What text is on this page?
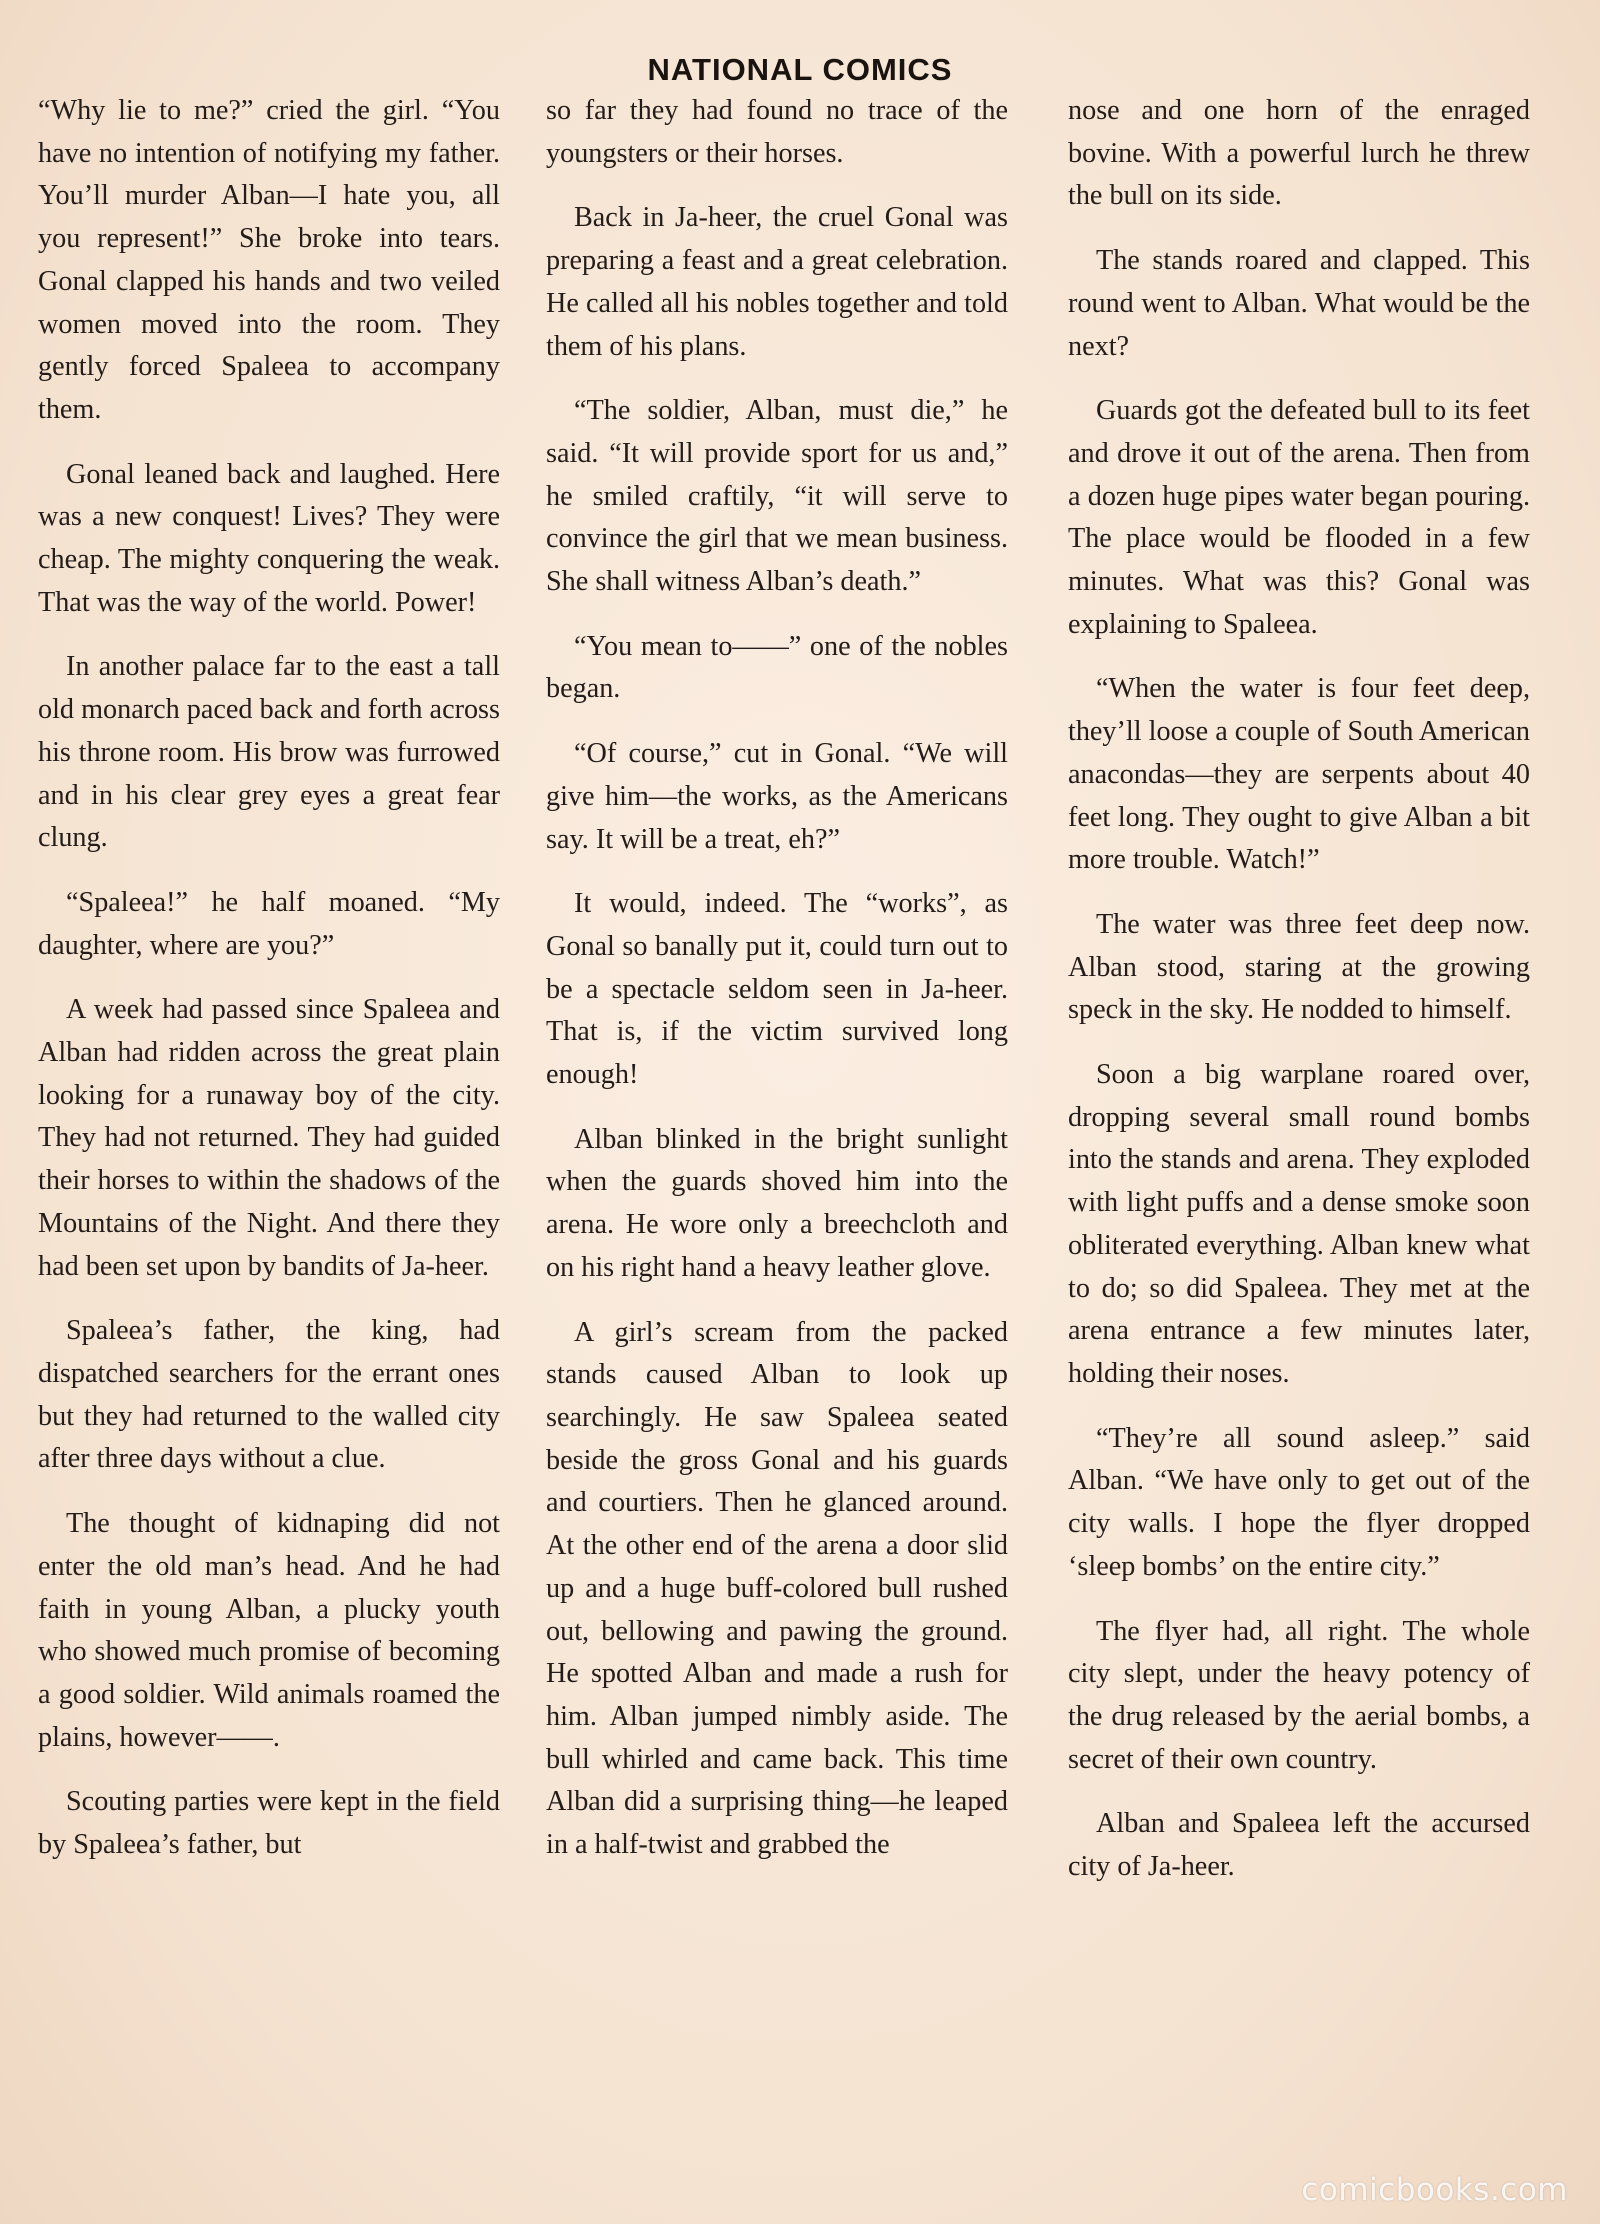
NATIONAL COMICS

“Why lie to me?” cried the girl. “You have no intention of notifying my father. You’ll murder Alban—I hate you, all you represent!” She broke into tears. Gonal clapped his hands and two veiled women moved into the room. They gently forced Spaleea to accompany them.

Gonal leaned back and laughed. Here was a new conquest! Lives? They were cheap. The mighty conquering the weak. That was the way of the world. Power!

In another palace far to the east a tall old monarch paced back and forth across his throne room. His brow was furrowed and in his clear grey eyes a great fear clung.

“Spaleea!” he half moaned. “My daughter, where are you?”

A week had passed since Spaleea and Alban had ridden across the great plain looking for a runaway boy of the city. They had not returned. They had guided their horses to within the shadows of the Mountains of the Night. And there they had been set upon by bandits of Ja-heer.

Spaleea’s father, the king, had dispatched searchers for the errant ones but they had returned to the walled city after three days without a clue.

The thought of kidnaping did not enter the old man’s head. And he had faith in young Alban, a plucky youth who showed much promise of becoming a good soldier. Wild animals roamed the plains, however——.

Scouting parties were kept in the field by Spaleea’s father, but

so far they had found no trace of the youngsters or their horses.

Back in Ja-heer, the cruel Gonal was preparing a feast and a great celebration. He called all his nobles together and told them of his plans.

“The soldier, Alban, must die,” he said. “It will provide sport for us and,” he smiled craftily, “it will serve to convince the girl that we mean business. She shall witness Alban’s death.”

“You mean to——” one of the nobles began.

“Of course,” cut in Gonal. “We will give him—the works, as the Americans say. It will be a treat, eh?”

It would, indeed. The “works”, as Gonal so banally put it, could turn out to be a spectacle seldom seen in Ja-heer. That is, if the victim survived long enough!

Alban blinked in the bright sunlight when the guards shoved him into the arena. He wore only a breechcloth and on his right hand a heavy leather glove.

A girl’s scream from the packed stands caused Alban to look up searchingly. He saw Spaleea seated beside the gross Gonal and his guards and courtiers. Then he glanced around. At the other end of the arena a door slid up and a huge buff-colored bull rushed out, bellowing and pawing the ground. He spotted Alban and made a rush for him. Alban jumped nimbly aside. The bull whirled and came back. This time Alban did a surprising thing—he leaped in a half-twist and grabbed the

nose and one horn of the enraged bovine. With a powerful lurch he threw the bull on its side.

The stands roared and clapped. This round went to Alban. What would be the next?

Guards got the defeated bull to its feet and drove it out of the arena. Then from a dozen huge pipes water began pouring. The place would be flooded in a few minutes. What was this? Gonal was explaining to Spaleea.

“When the water is four feet deep, they’ll loose a couple of South American anacondas—they are serpents about 40 feet long. They ought to give Alban a bit more trouble. Watch!”

The water was three feet deep now. Alban stood, staring at the growing speck in the sky. He nodded to himself.

Soon a big warplane roared over, dropping several small round bombs into the stands and arena. They exploded with light puffs and a dense smoke soon obliterated everything. Alban knew what to do; so did Spaleea. They met at the arena entrance a few minutes later, holding their noses.

“They’re all sound asleep.” said Alban. “We have only to get out of the city walls. I hope the flyer dropped ‘sleep bombs’ on the entire city.”

The flyer had, all right. The whole city slept, under the heavy potency of the drug released by the aerial bombs, a secret of their own country.

Alban and Spaleea left the accursed city of Ja-heer.

comicbooks.com
